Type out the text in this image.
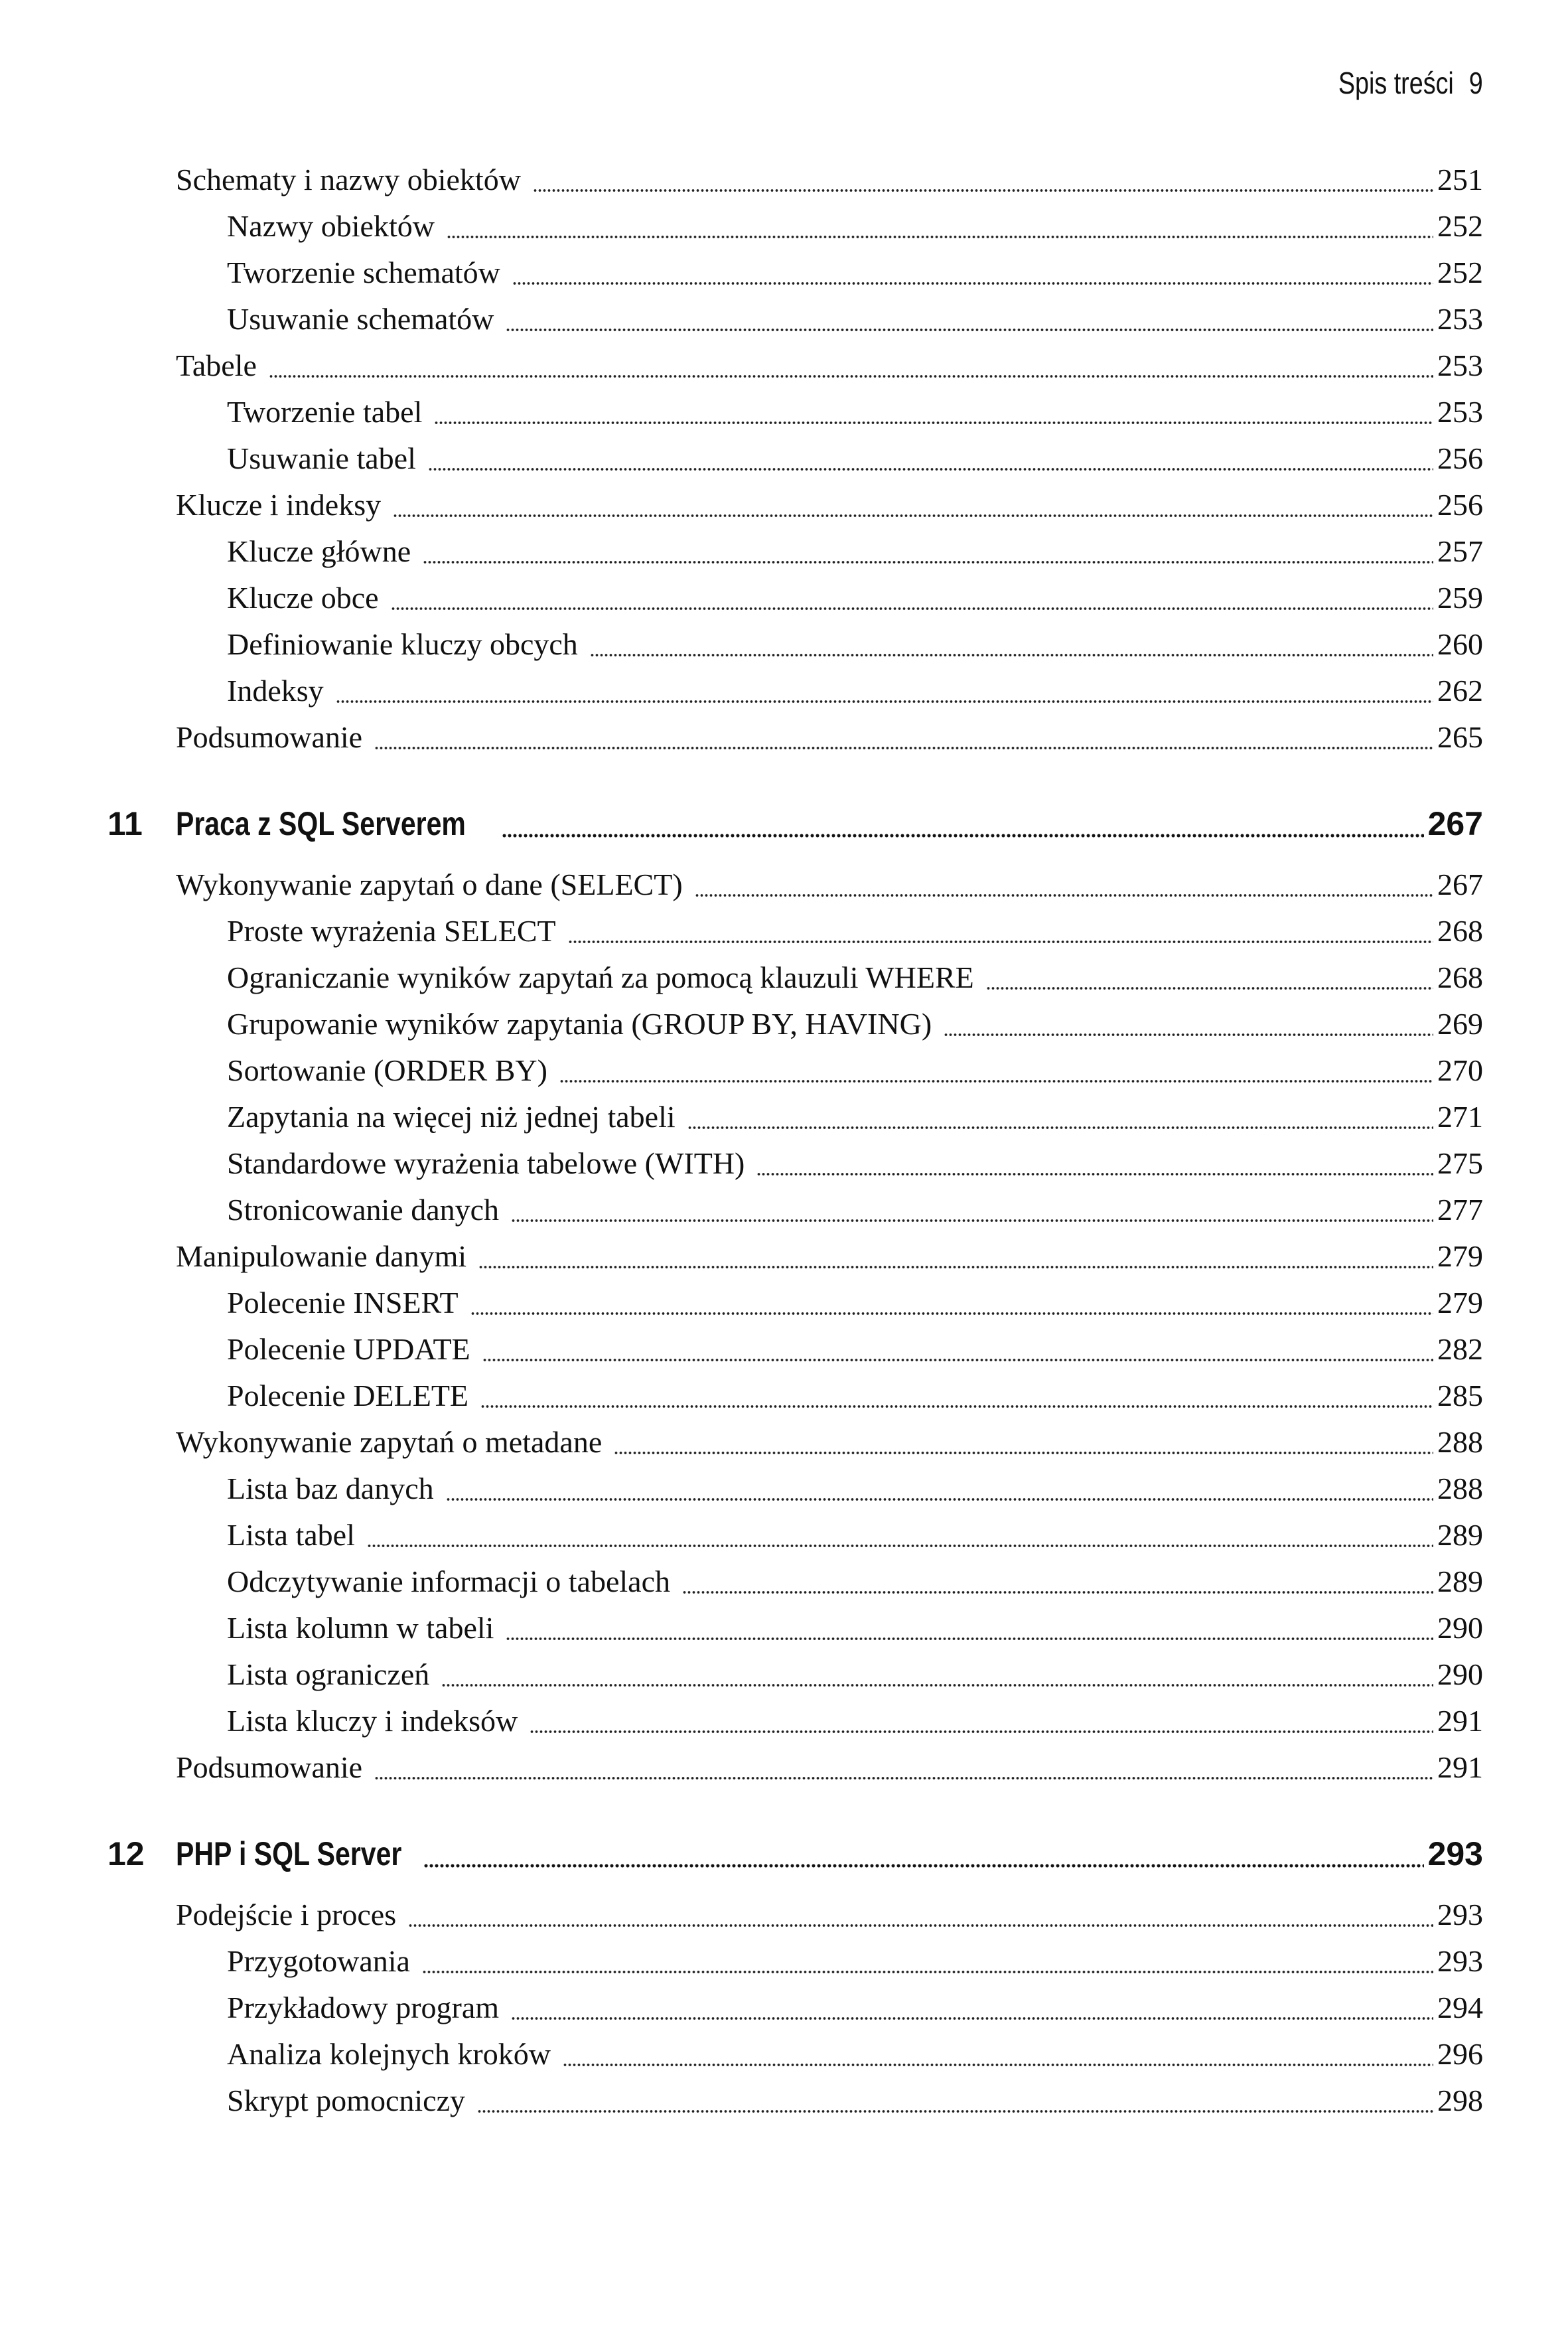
Spis treści 9
Schematy i nazwy obiektów	251
Nazwy obiektów	252
Tworzenie schematów	252
Usuwanie schematów	253
Tabele	253
Tworzenie tabel	253
Usuwanie tabel	256
Klucze i indeksy	256
Klucze główne	257
Klucze obce	259
Definiowanie kluczy obcych	260
Indeksy	262
Podsumowanie	265
11 Praca z SQL Serverem	267
Wykonywanie zapytań o dane (SELECT)	267
Proste wyrażenia SELECT	268
Ograniczanie wyników zapytań za pomocą klauzuli WHERE	268
Grupowanie wyników zapytania (GROUP BY, HAVING)	269
Sortowanie (ORDER BY)	270
Zapytania na więcej niż jednej tabeli	271
Standardowe wyrażenia tabelowe (WITH)	275
Stronicowanie danych	277
Manipulowanie danymi	279
Polecenie INSERT	279
Polecenie UPDATE	282
Polecenie DELETE	285
Wykonywanie zapytań o metadane	288
Lista baz danych	288
Lista tabel	289
Odczytywanie informacji o tabelach	289
Lista kolumn w tabeli	290
Lista ograniczeń	290
Lista kluczy i indeksów	291
Podsumowanie	291
12 PHP i SQL Server	293
Podejście i proces	293
Przygotowania	293
Przykładowy program	294
Analiza kolejnych kroków	296
Skrypt pomocniczy	298
